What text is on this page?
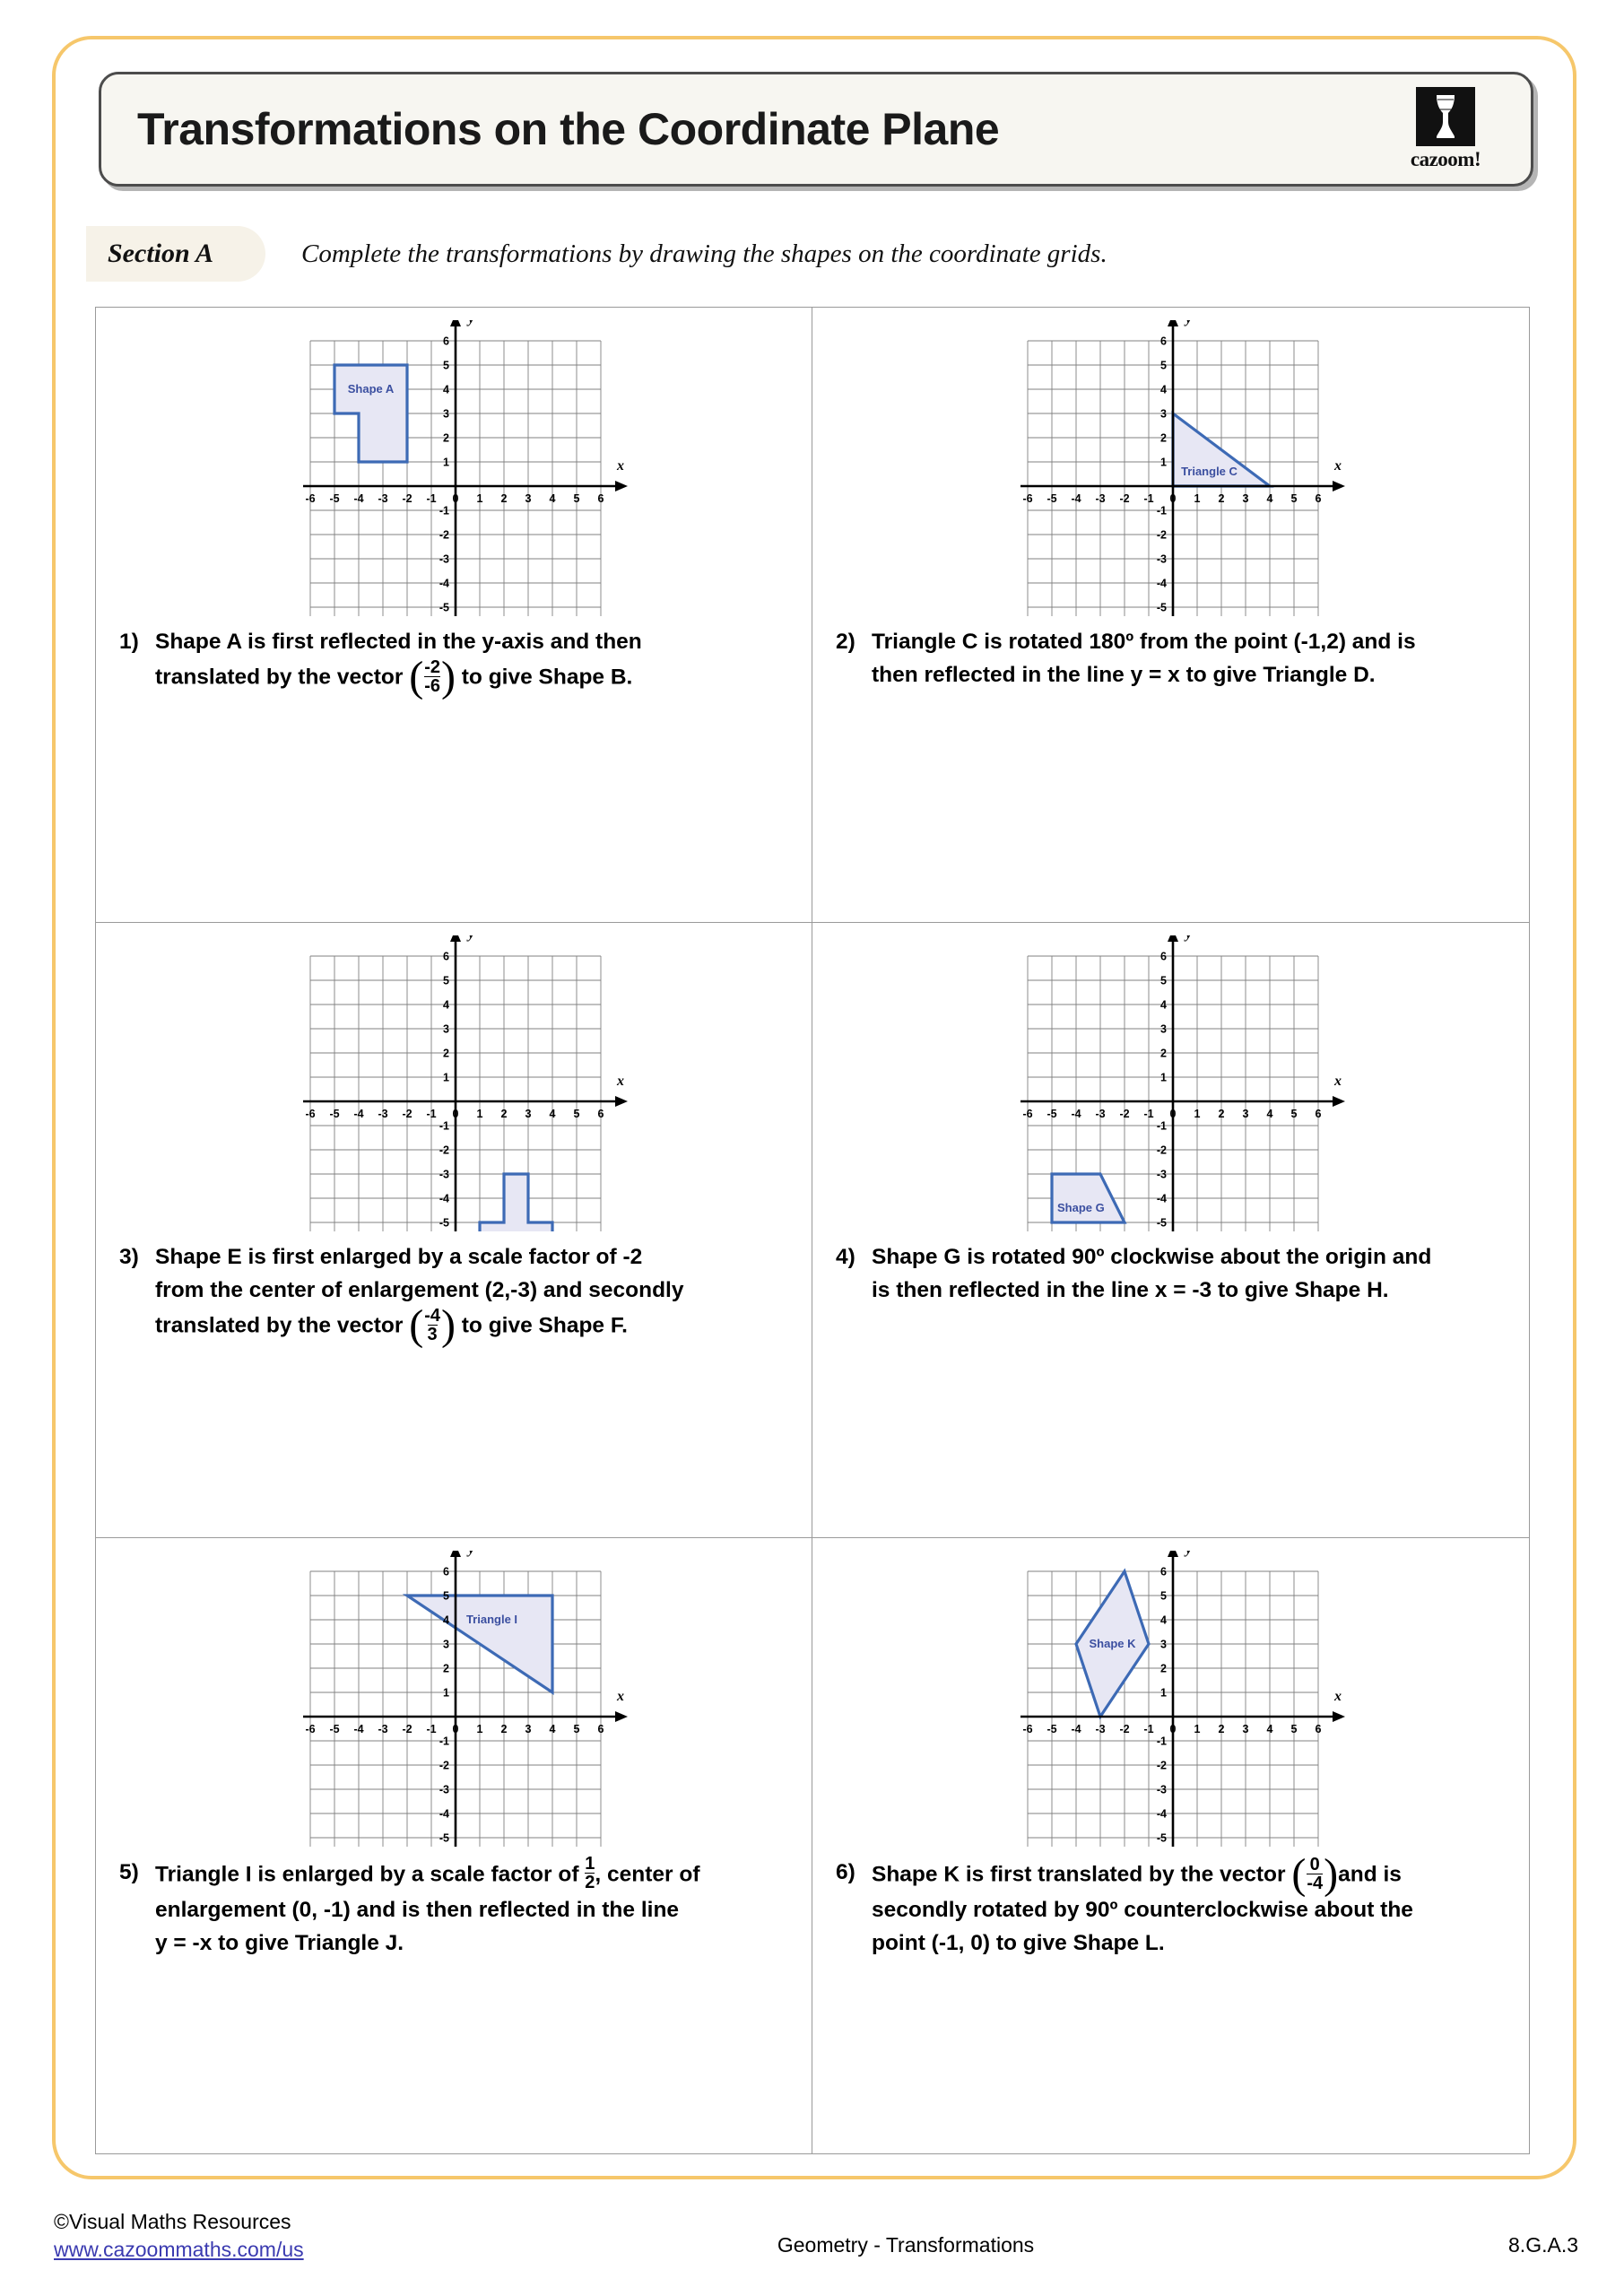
Transformations on the Coordinate Plane
cazoom!
Section A	Complete the transformations by drawing the shapes on the coordinate grids.
x
-6 -5 -4 -3 -2 -1 0 1 2 3 4 5 6
-5
-4
-3
-2
-1
1
2
3
4
5
6
Shape A
1) Shape A is first reflected in the y-axis and then
translated by the vector ( -2
-6 ) to give Shape B.
x
-6 -5 -4 -3 -2 -1 0 1 2 3 4 5 6
-5
-4
-3
-2
-1
1
2
3
4
5
6
Triangle C
2) Triangle C is rotated 180º from the point (-1,2) and is
then reflected in the line y = x to give Triangle D.
x
-6 -5 -4 -3 -2 -1 0 1 2 3 4 5 6
-5
-4
-3
-2
-1
1
2
3
4
5
6
3) Shape E is first enlarged by a scale factor of -2
from the center of enlargement (2,-3) and secondly
translated by the vector ( -4
3 ) to give Shape F.
x
-6 -5 -4 -3 -2 -1 0 1 2 3 4 5 6
-5
-4
-3
-2
-1
1
2
3
4
5
6
Shape G
4) Shape G is rotated 90º clockwise about the origin and
is then reflected in the line x = -3 to give Shape H.
x
-6 -5 -4 -3 -2 -1 0 1 2 3 4 5 6
-5
-4
-3
-2
-1
1
2
3
4
5
6
Triangle I
5) Triangle I is enlarged by a scale factor of $\frac{1}{2}$ , center of
enlargement (0, -1) and is then reflected in the line
y = -x to give Triangle J.
x
-6 -5 -4 -3 -2 -1 0 1 2 3 4 5 6
-5
-4
-3
-2
-1
1
2
3
4
5
6
Shape K
6) Shape K is first translated by the vector ( 0
-4 ) and is
secondly rotated by 90º counterclockwise about the
point (-1, 0) to give Shape L.
©Visual Maths Resources
www.cazoommaths.com/us	Geometry - Transformations	8.G.A.3
